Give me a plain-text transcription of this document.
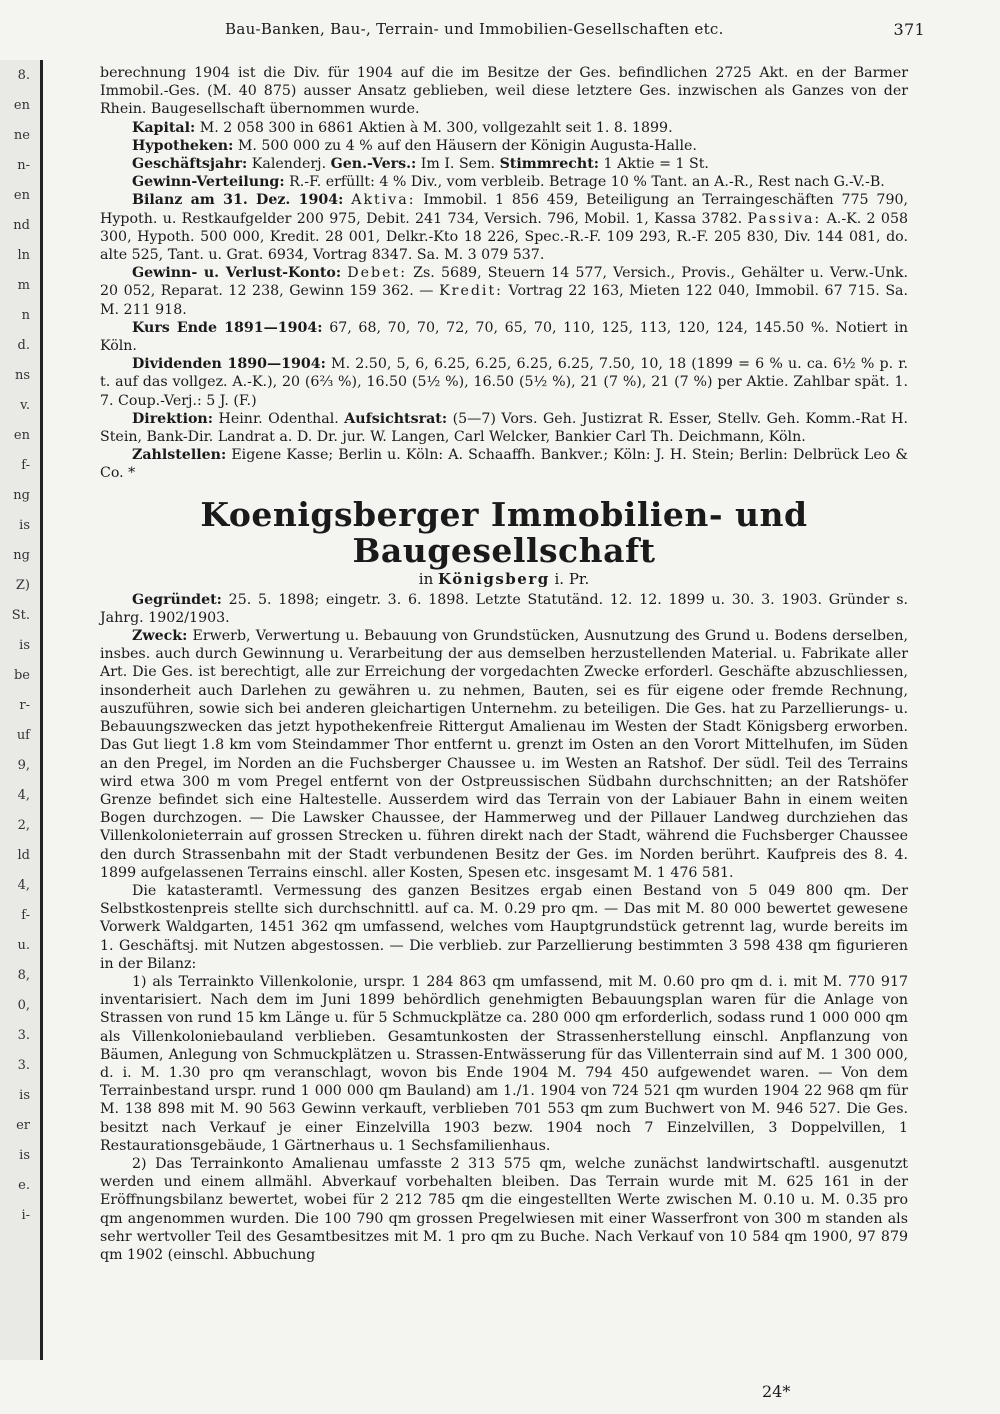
8.
en
ne
n-
en
nd
ln
m
n
d.
ns
v.
en
f-
ng
is
ng
Z)
St.
is
be
r-
uf
9,
4,
2,
ld
4,
f-
u.
8,
0,
3.
3.
is
er
is
e.
i-
Bau-Banken, Bau-, Terrain- und Immobilien-Gesellschaften etc.	371

berechnung 1904 ist die Div. für 1904 auf die im Besitze der Ges. befindlichen 2725 Akt. en der Barmer Immobil.-Ges. (M. 40 875) ausser Ansatz geblieben, weil diese letztere Ges. inzwischen als Ganzes von der Rhein. Baugesellschaft übernommen wurde.

Kapital: M. 2 058 300 in 6861 Aktien à M. 300, vollgezahlt seit 1. 8. 1899.

Hypotheken: M. 500 000 zu 4 % auf den Häusern der Königin Augusta-Halle.

Geschäftsjahr: Kalenderj. Gen.-Vers.: Im I. Sem. Stimmrecht: 1 Aktie = 1 St.

Gewinn-Verteilung: R.-F. erfüllt: 4 % Div., vom verbleib. Betrage 10 % Tant. an A.-R., Rest nach G.-V.-B.

Bilanz am 31. Dez. 1904: Aktiva: Immobil. 1 856 459, Beteiligung an Terraingeschäften 775 790, Hypoth. u. Restkaufgelder 200 975, Debit. 241 734, Versich. 796, Mobil. 1, Kassa 3782. Passiva: A.-K. 2 058 300, Hypoth. 500 000, Kredit. 28 001, Delkr.-Kto 18 226, Spec.-R.-F. 109 293, R.-F. 205 830, Div. 144 081, do. alte 525, Tant. u. Grat. 6934, Vortrag 8347. Sa. M. 3 079 537.

Gewinn- u. Verlust-Konto: Debet: Zs. 5689, Steuern 14 577, Versich., Provis., Gehälter u. Verw.-Unk. 20 052, Reparat. 12 238, Gewinn 159 362. — Kredit: Vortrag 22 163, Mieten 122 040, Immobil. 67 715. Sa. M. 211 918.

Kurs Ende 1891—1904: 67, 68, 70, 70, 72, 70, 65, 70, 110, 125, 113, 120, 124, 145.50 %. Notiert in Köln.

Dividenden 1890—1904: M. 2.50, 5, 6, 6.25, 6.25, 6.25, 6.25, 7.50, 10, 18 (1899 = 6 % u. ca. 6½ % p. r. t. auf das vollgez. A.-K.), 20 (6⅔ %), 16.50 (5½ %), 16.50 (5½ %), 21 (7 %), 21 (7 %) per Aktie. Zahlbar spät. 1. 7. Coup.-Verj.: 5 J. (F.)

Direktion: Heinr. Odenthal. Aufsichtsrat: (5—7) Vors. Geh. Justizrat R. Esser, Stellv. Geh. Komm.-Rat H. Stein, Bank-Dir. Landrat a. D. Dr. jur. W. Langen, Carl Welcker, Bankier Carl Th. Deichmann, Köln.

Zahlstellen: Eigene Kasse; Berlin u. Köln: A. Schaaffh. Bankver.; Köln: J. H. Stein; Berlin: Delbrück Leo & Co. *

Koenigsberger Immobilien- und Baugesellschaft
in Königsberg i. Pr.

Gegründet: 25. 5. 1898; eingetr. 3. 6. 1898. Letzte Statutänd. 12. 12. 1899 u. 30. 3. 1903. Gründer s. Jahrg. 1902/1903.

Zweck: Erwerb, Verwertung u. Bebauung von Grundstücken, Ausnutzung des Grund u. Bodens derselben, insbes. auch durch Gewinnung u. Verarbeitung der aus demselben herzustellenden Material. u. Fabrikate aller Art. Die Ges. ist berechtigt, alle zur Erreichung der vorgedachten Zwecke erforderl. Geschäfte abzuschliessen, insonderheit auch Darlehen zu gewähren u. zu nehmen, Bauten, sei es für eigene oder fremde Rechnung, auszuführen, sowie sich bei anderen gleichartigen Unternehm. zu beteiligen. Die Ges. hat zu Parzellierungs- u. Bebauungszwecken das jetzt hypothekenfreie Rittergut Amalienau im Westen der Stadt Königsberg erworben. Das Gut liegt 1.8 km vom Steindammer Thor entfernt u. grenzt im Osten an den Vorort Mittelhufen, im Süden an den Pregel, im Norden an die Fuchsberger Chaussee u. im Westen an Ratshof. Der südl. Teil des Terrains wird etwa 300 m vom Pregel entfernt von der Ostpreussischen Südbahn durchschnitten; an der Ratshöfer Grenze befindet sich eine Haltestelle. Ausserdem wird das Terrain von der Labiauer Bahn in einem weiten Bogen durchzogen. — Die Lawsker Chaussee, der Hammerweg und der Pillauer Landweg durchziehen das Villenkolonieterrain auf grossen Strecken u. führen direkt nach der Stadt, während die Fuchsberger Chaussee den durch Strassenbahn mit der Stadt verbundenen Besitz der Ges. im Norden berührt. Kaufpreis des 8. 4. 1899 aufgelassenen Terrains einschl. aller Kosten, Spesen etc. insgesamt M. 1 476 581.

Die katasteramtl. Vermessung des ganzen Besitzes ergab einen Bestand von 5 049 800 qm. Der Selbstkostenpreis stellte sich durchschnittl. auf ca. M. 0.29 pro qm. — Das mit M. 80 000 bewertet gewesene Vorwerk Waldgarten, 1451 362 qm umfassend, welches vom Hauptgrundstück getrennt lag, wurde bereits im 1. Geschäftsj. mit Nutzen abgestossen. — Die verblieb. zur Parzellierung bestimmten 3 598 438 qm figurieren in der Bilanz:

1) als Terrainkto Villenkolonie, urspr. 1 284 863 qm umfassend, mit M. 0.60 pro qm d. i. mit M. 770 917 inventarisiert. Nach dem im Juni 1899 behördlich genehmigten Bebauungsplan waren für die Anlage von Strassen von rund 15 km Länge u. für 5 Schmuckplätze ca. 280 000 qm erforderlich, sodass rund 1 000 000 qm als Villenkoloniebauland verblieben. Gesamtunkosten der Strassenherstellung einschl. Anpflanzung von Bäumen, Anlegung von Schmuckplätzen u. Strassen-Entwässerung für das Villenterrain sind auf M. 1 300 000, d. i. M. 1.30 pro qm veranschlagt, wovon bis Ende 1904 M. 794 450 aufgewendet waren. — Von dem Terrainbestand urspr. rund 1 000 000 qm Bauland) am 1./1. 1904 von 724 521 qm wurden 1904 22 968 qm für M. 138 898 mit M. 90 563 Gewinn verkauft, verblieben 701 553 qm zum Buchwert von M. 946 527. Die Ges. besitzt nach Verkauf je einer Einzelvilla 1903 bezw. 1904 noch 7 Einzelvillen, 3 Doppelvillen, 1 Restaurationsgebäude, 1 Gärtnerhaus u. 1 Sechsfamilienhaus.

2) Das Terrainkonto Amalienau umfasste 2 313 575 qm, welche zunächst landwirtschaftl. ausgenutzt werden und einem allmähl. Abverkauf vorbehalten bleiben. Das Terrain wurde mit M. 625 161 in der Eröffnungsbilanz bewertet, wobei für 2 212 785 qm die eingestellten Werte zwischen M. 0.10 u. M. 0.35 pro qm angenommen wurden. Die 100 790 qm grossen Pregelwiesen mit einer Wasserfront von 300 m standen als sehr wertvoller Teil des Gesamtbesitzes mit M. 1 pro qm zu Buche. Nach Verkauf von 10 584 qm 1900, 97 879 qm 1902 (einschl. Abbuchung

24*
